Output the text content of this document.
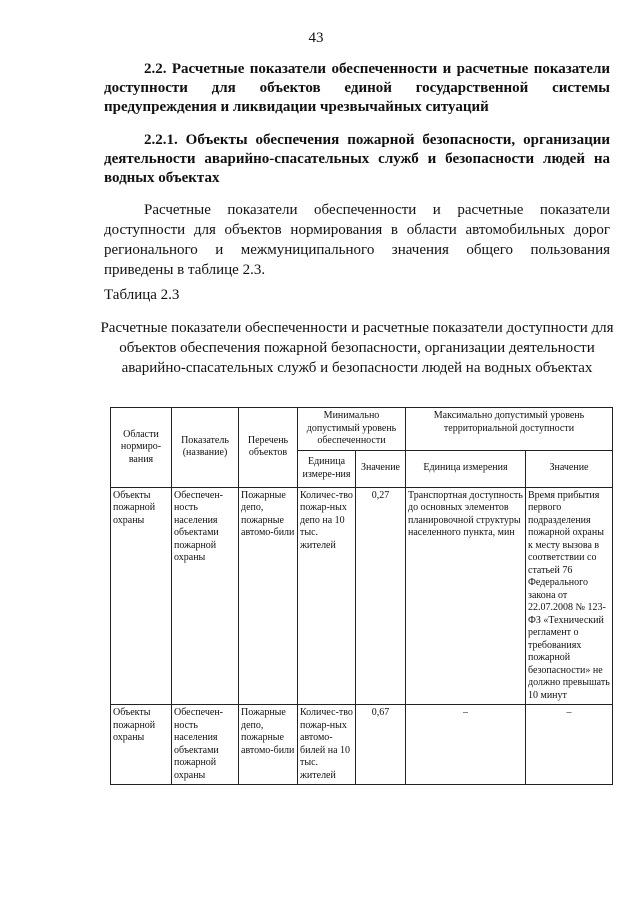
43
2.2. Расчетные показатели обеспеченности и расчетные показатели доступности для объектов единой государственной системы предупреждения и ликвидации чрезвычайных ситуаций
2.2.1. Объекты обеспечения пожарной безопасности, организации деятельности аварийно-спасательных служб и безопасности людей на водных объектах
Расчетные показатели обеспеченности и расчетные показатели доступности для объектов нормирования в области автомобильных дорог регионального и межмуниципального значения общего пользования приведены в таблице 2.3.
Таблица 2.3
Расчетные показатели обеспеченности и расчетные показатели доступности для объектов обеспечения пожарной безопасности, организации деятельности аварийно-спасательных служб и безопасности людей на водных объектах
Области нормиро-вания	Показатель (название)	Перечень объектов	Минимально допустимый уровень обеспеченности		Максимально допустимый уровень территориальной доступности	
			Единица измере-ния	Значение	Единица измерения	Значение
Объекты пожарной охраны	Обеспечен-ность населения объектами пожарной охраны	Пожарные депо, пожарные автомо-били	Количес-тво пожар-ных депо на 10 тыс. жителей	0,27	Транспортная доступность до основных элементов планировочной структуры населенного пункта, мин	Время прибытия первого подразделения пожарной охраны к месту вызова в соответствии со статьей 76 Федерального закона от 22.07.2008 № 123-ФЗ «Технический регламент о требованиях пожарной безопасности» не должно превышать 10 минут
Объекты пожарной охраны	Обеспечен-ность населения объектами пожарной охраны	Пожарные депо, пожарные автомо-били	Количес-тво пожар-ных автомо-билей на 10 тыс. жителей	0,67	–	–
